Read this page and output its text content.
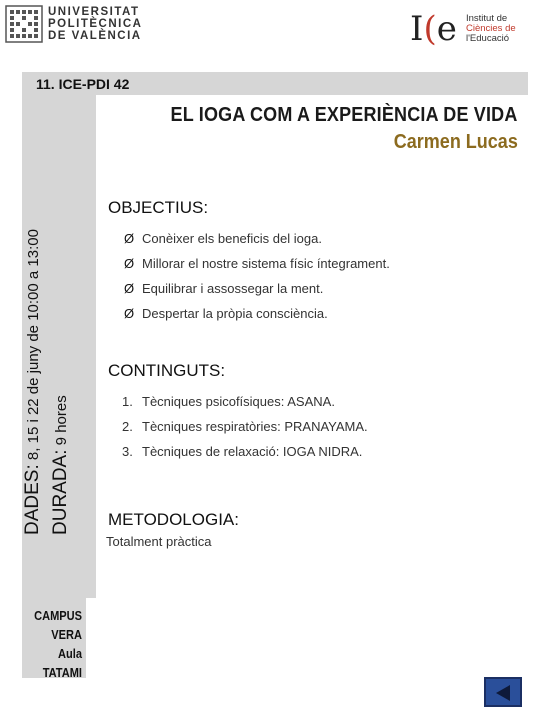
UNIVERSITAT
POLITÈCNICA
DE VALÈNCIA	I(e Institut de
Ciències de
l'Educació
11. ICE-PDI 42
EL IOGA COM A EXPERIÈNCIA DE VIDA
Carmen Lucas
DADES: 8, 15 i 22 de juny de 10:00 a 13:00
DURADA: 9 hores
CAMPUS
VERA
Aula TATAMI
OBJECTIUS:
Ø Conèixer els beneficis del ioga.
Ø Millorar el nostre sistema físic íntegrament.
Ø Equilibrar i assossegar la ment.
Ø Despertar la pròpia consciència.
CONTINGUTS:
1. Tècniques psicofísiques: ASANA.
2. Tècniques respiratòries: PRANAYAMA.
3. Tècniques de relaxació: IOGA NIDRA.
METODOLOGIA:
Totalment pràctica
